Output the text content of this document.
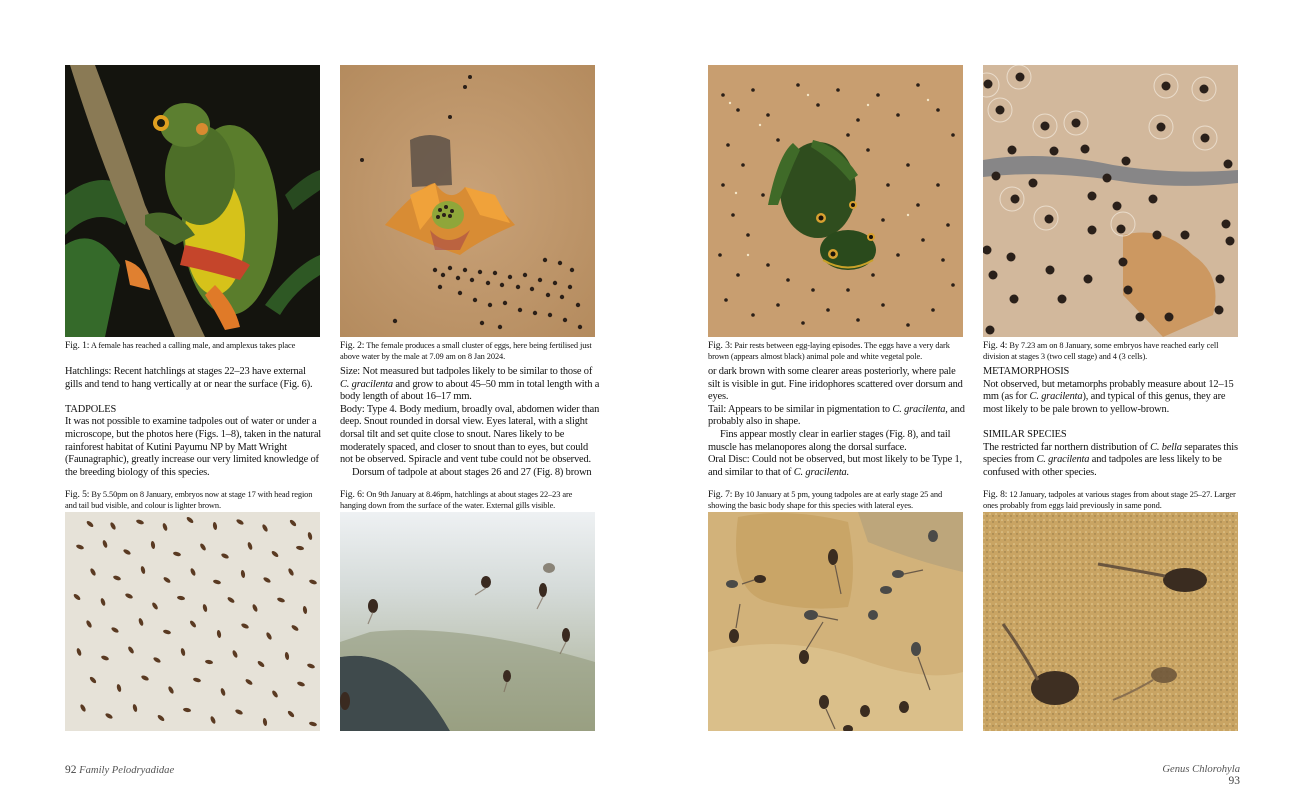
Fig. 1: A female has reached a calling male, and amplexus takes place	Fig. 2: The female produces a small cluster of eggs, here being fertilised just above water by the male at 7.09 am on 8 Jan 2024.

Hatchlings: Recent hatchlings at stages 22–23 have external gills and tend to hang vertically at or near the surface (Fig. 6).

TADPOLES

It was not possible to examine tadpoles out of water or under a microscope, but the photos here (Figs. 1–8), taken in the natural rainforest habitat of Kutini Payumu NP by Matt Wright (Faunagraphic), greatly increase our very limited knowledge of the breeding biology of this species.

Size: Not measured but tadpoles likely to be similar to those of C. gracilenta and grow to about 45–50 mm in total length with a body length of about 16–17 mm.

Body: Type 4. Body medium, broadly oval, abdomen wider than deep. Snout rounded in dorsal view. Eyes lateral, with a slight dorsal tilt and set quite close to snout. Nares likely to be moderately spaced, and closer to snout than to eyes, but could not be observed. Spiracle and vent tube could not be observed.

Dorsum of tadpole at about stages 26 and 27 (Fig. 8) brown

Fig. 5: By 5.50pm on 8 January, embryos now at stage 17 with head region and tail bud visible, and colour is lighter brown.
Fig. 6: On 9th January at 8.46pm, hatchlings at about stages 22–23 are hanging down from the surface of the water. External gills visible.
92 Family Pelodryadidae
Fig. 3: Pair rests between egg-laying episodes. The eggs have a very dark brown (appears almost black) animal pole and white vegetal pole.
Fig. 4: By 7.23 am on 8 January, some embryos have reached early cell division at stages 3 (two cell stage) and 4 (3 cells).

or dark brown with some clearer areas posteriorly, where pale silt is visible in gut. Fine iridophores scattered over dorsum and eyes.

Tail: Appears to be similar in pigmentation to C. gracilenta, and probably also in shape.

Fins appear mostly clear in earlier stages (Fig. 8), and tail muscle has melanopores along the dorsal surface.

Oral Disc: Could not be observed, but most likely to be Type 1, and similar to that of C. gracilenta.

METAMORPHOSIS

Not observed, but metamorphs probably measure about 12–15 mm (as for C. gracilenta), and typical of this genus, they are most likely to be pale brown to yellow-brown.

SIMILAR SPECIES

The restricted far northern distribution of C. bella separates this species from C. gracilenta and tadpoles are less likely to be confused with other species.

Fig. 7: By 10 January at 5 pm, young tadpoles are at early stage 25 and showing the basic body shape for this species with lateral eyes.
Fig. 8: 12 January, tadpoles at various stages from about stage 25–27. Larger ones probably from eggs laid previously in same pond.
Genus Chlorohyla 93
